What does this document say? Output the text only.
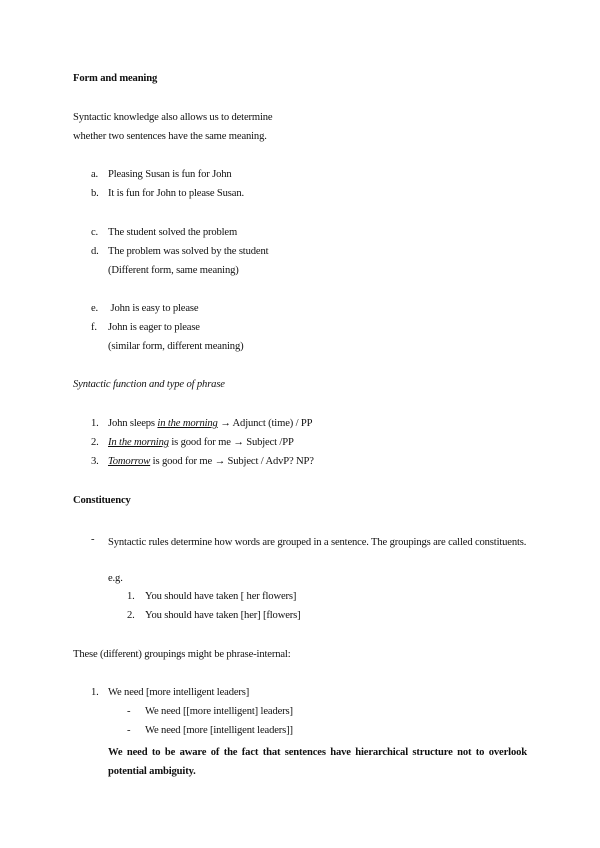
Form and meaning
Syntactic knowledge also allows us to determine
whether two sentences have the same meaning.
a. Pleasing Susan is fun for John
b. It is fun for John to please Susan.
c. The student solved the problem
d. The problem was solved by the student
(Different form, same meaning)
e. John is easy to please
f. John is eager to please
(similar form, different meaning)
Syntactic function and type of phrase
1. John sleeps in the morning → Adjunct (time) / PP
2. In the morning is good for me → Subject /PP
3. Tomorrow is good for me → Subject / AdvP? NP?
Constituency
- Syntactic rules determine how words are grouped in a sentence. The groupings are called constituents.
e.g.
1. You should have taken [ her flowers]
2. You should have taken [her] [flowers]
These (different) groupings might be phrase-internal:
1. We need [more intelligent leaders]
- We need [[more intelligent] leaders]
- We need [more [intelligent leaders]]
We need to be aware of the fact that sentences have hierarchical structure not to overlook potential ambiguity.
